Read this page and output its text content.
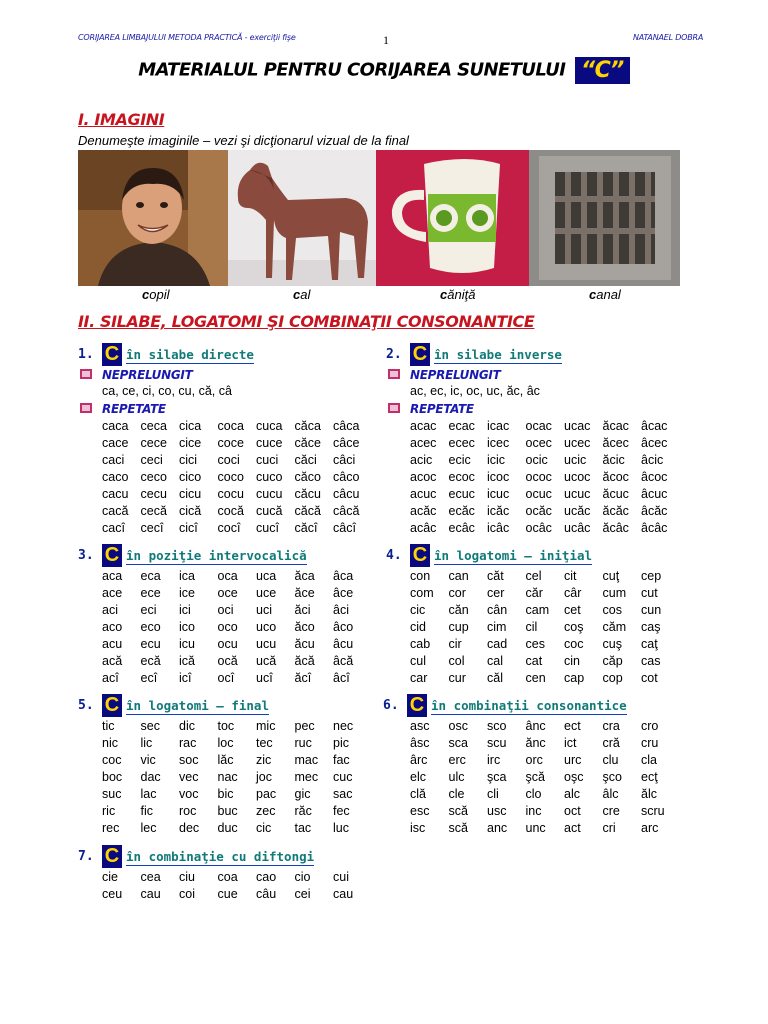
CORIJAREA LIMBAJULUI METODA PRACTICĂ - exerciţii fişe	1	NATANAEL DOBRA
MATERIALUL PENTRU CORIJAREA SUNETULUI “C”
I. IMAGINI
Denumeşte imaginile – vezi şi dicţionarul vizual de la final
copil	cal	căniţă	canal
II. SILABE, LOGATOMI ŞI COMBINAŢII CONSONANTICE
1. C în silabe directe
NEPRELUNGIT
ca, ce, ci, co, cu, că, câ
REPETATE
caca ceca cica	coca cuca căca câca
cace cece cice	coce cuce căce câce
caci	ceci	cici	coci	cuci	căci	câci
caco ceco cico	coco cuco căco câco
cacu cecu cicu	cocu cucu căcu câcu
cacă cecă cică	cocă cucă căcă câcă
cacî	cecî	cicî	cocî	cucî	căcî	câcî
2. C în silabe inverse
NEPRELUNGIT
ac, ec, ic, oc, uc, ăc, âc
REPETATE
acac ecac icac	ocac ucac ăcac âcac
acec ecec icec	ocec ucec ăcec âcec
acic	ecic	icic	ocic	ucic	ăcic	âcic
acoc ecoc icoc	ococ ucoc ăcoc âcoc
acuc ecuc icuc	ocuc ucuc ăcuc âcuc
acăc ecăc icăc	ocăc ucăc ăcăc âcăc
acâc ecâc icâc	ocâc ucâc ăcâc âcâc
3. C în poziţie intervocalică
aca	eca	ica	oca	uca	ăca	âca
ace	ece	ice	oce	uce	ăce	âce
aci	eci	ici	oci	uci	ăci	âci
aco	eco	ico	oco	uco	ăco	âco
acu	ecu	icu	ocu	ucu	ăcu	âcu
acă	ecă	ică	ocă	ucă	ăcă	âcă
acî	ecî	icî	ocî	ucî	ăcî	âcî
4. C în logatomi – iniţial
con	can	căt	cel	cit	cuţ	cep
com	cor	cer	căr	câr	cum	cut
cic	căn	cân	cam	cet	cos	cun
cid	cup	cim	cil	coş	căm	caş
cab	cir	cad	ces	coc	cuş	caţ
cul	col	cal	cat	cin	căp	cas
car	cur	căl	cen	cap	cop	cot
5. C în logatomi – final
tic	sec	dic	toc	mic	pec	nec
nic	lic	rac	loc	tec	ruc	pic
coc	vic	soc	lăc	zic	mac	fac
boc	dac	vec	nac	joc	mec	cuc
suc	lac	voc	bic	pac	gic	sac
ric	fic	roc	buc	zec	răc	fec
rec	lec	dec	duc	cic	tac	luc
6. C în combinaţii consonantice
asc	osc	sco	ânc	ect	cra	cro
âsc	sca	scu	ănc	ict	cră	cru
ârc	erc	irc	orc	urc	clu	cla
elc	ulc	şca	şcă	oşc	şco	ecţ
clă	cle	cli	clo	alc	âlc	ălc
esc	scă	usc	inc	oct	cre	scru
isc	scă	anc	unc	act	cri	arc
7. C în combinaţie cu diftongi
cie	cea	ciu	coa	cao	cio	cui
ceu	cau	coi	cue	câu	cei	cau
